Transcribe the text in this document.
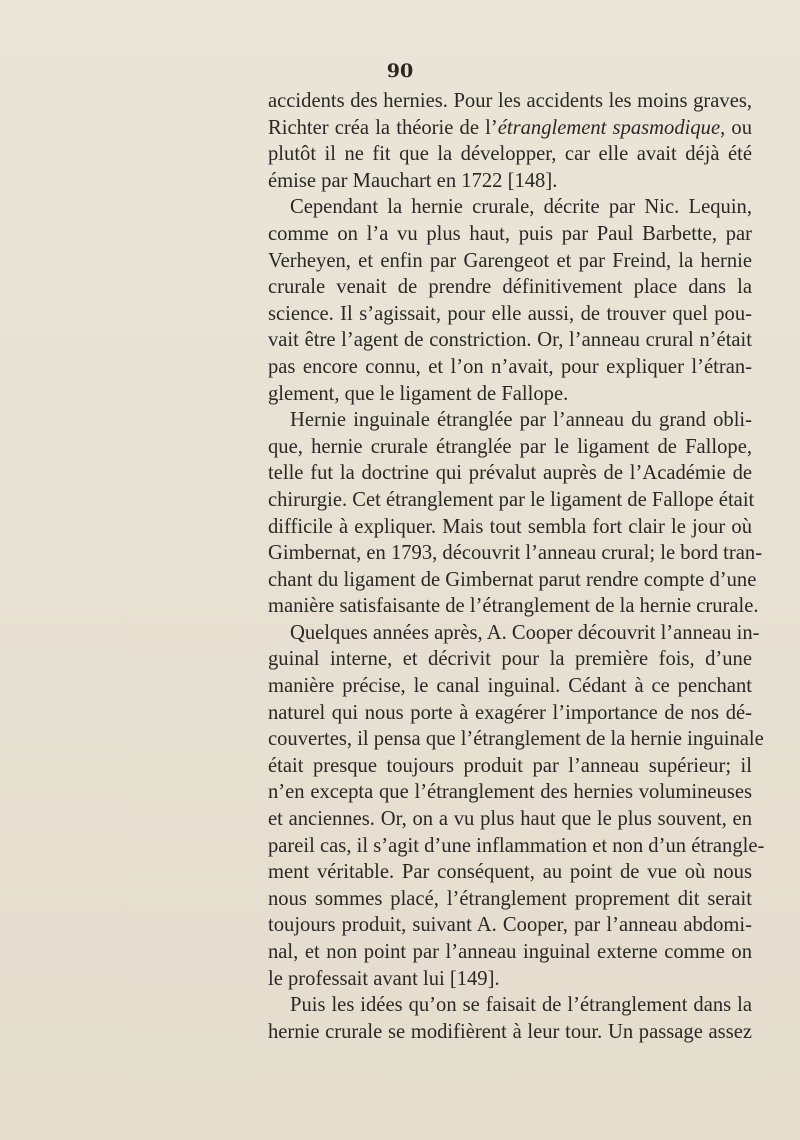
90
accidents des hernies. Pour les accidents les moins graves,
Richter créa la théorie de l’étranglement spasmodique, ou
plutôt il ne fit que la développer, car elle avait déjà été
émise par Mauchart en 1722 [148].
Cependant la hernie crurale, décrite par Nic. Lequin,
comme on l’a vu plus haut, puis par Paul Barbette, par
Verheyen, et enfin par Garengeot et par Freind, la hernie
crurale venait de prendre définitivement place dans la
science. Il s’agissait, pour elle aussi, de trouver quel pou-
vait être l’agent de constriction. Or, l’anneau crural n’était
pas encore connu, et l’on n’avait, pour expliquer l’étran-
glement, que le ligament de Fallope.
Hernie inguinale étranglée par l’anneau du grand obli-
que, hernie crurale étranglée par le ligament de Fallope,
telle fut la doctrine qui prévalut auprès de l’Académie de
chirurgie. Cet étranglement par le ligament de Fallope était
difficile à expliquer. Mais tout sembla fort clair le jour où
Gimbernat, en 1793, découvrit l’anneau crural; le bord tran-
chant du ligament de Gimbernat parut rendre compte d’une
manière satisfaisante de l’étranglement de la hernie crurale.
Quelques années après, A. Cooper découvrit l’anneau in-
guinal interne, et décrivit pour la première fois, d’une
manière précise, le canal inguinal. Cédant à ce penchant
naturel qui nous porte à exagérer l’importance de nos dé-
couvertes, il pensa que l’étranglement de la hernie inguinale
était presque toujours produit par l’anneau supérieur; il
n’en excepta que l’étranglement des hernies volumineuses
et anciennes. Or, on a vu plus haut que le plus souvent, en
pareil cas, il s’agit d’une inflammation et non d’un étrangle-
ment véritable. Par conséquent, au point de vue où nous
nous sommes placé, l’étranglement proprement dit serait
toujours produit, suivant A. Cooper, par l’anneau abdomi-
nal, et non point par l’anneau inguinal externe comme on
le professait avant lui [149].
Puis les idées qu’on se faisait de l’étranglement dans la
hernie crurale se modifièrent à leur tour. Un passage assez
